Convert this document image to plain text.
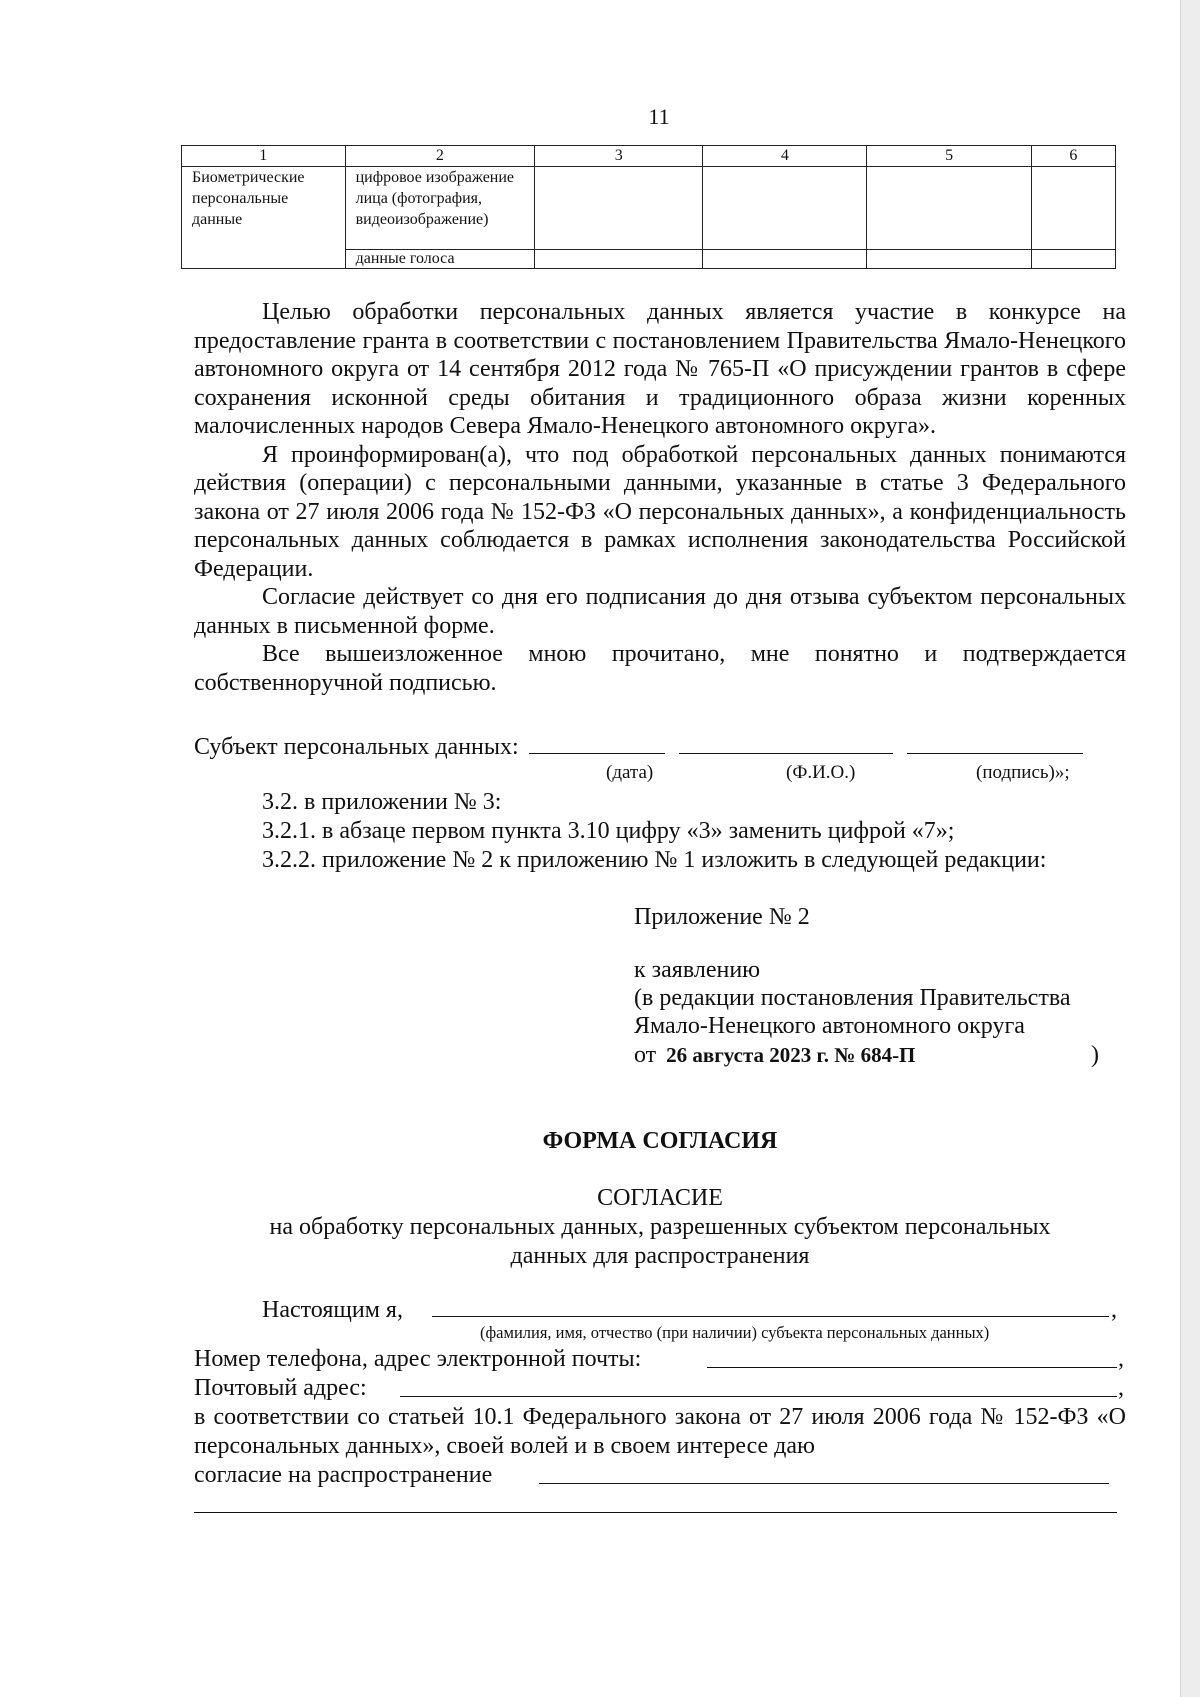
11
1	2	3	4	5	6
Биометрические персональные данные	цифровое изображение лица (фотография, видеоизображение)				
	данные голоса				

Целью обработки персональных данных является участие в конкурсе на предоставление гранта в соответствии с постановлением Правительства Ямало-Ненецкого автономного округа от 14 сентября 2012 года № 765-П «О присуждении грантов в сфере сохранения исконной среды обитания и традиционного образа жизни коренных малочисленных народов Севера Ямало-Ненецкого автономного округа».

Я проинформирован(а), что под обработкой персональных данных понимаются действия (операции) с персональными данными, указанные в статье 3 Федерального закона от 27 июля 2006 года № 152-ФЗ «О персональных данных», а конфиденциальность персональных данных соблюдается в рамках исполнения законодательства Российской Федерации.

Согласие действует со дня его подписания до дня отзыва субъектом персональных данных в письменной форме.

Все вышеизложенное мною прочитано, мне понятно и подтверждается собственноручной подписью.

Субъект персональных данных:
(дата)	(Ф.И.О.)	(подпись)»;
3.2. в приложении № 3:
3.2.1. в абзаце первом пункта 3.10 цифру «3» заменить цифрой «7»;

3.2.2. приложение № 2 к приложению № 1 изложить в следующей редакции:

Приложение № 2
к заявлению
(в редакции постановления Правительства
Ямало-Ненецкого автономного округа
от 26 августа 2023 г. № 684-П	)
ФОРМА СОГЛАСИЯ
СОГЛАСИЕ
на обработку персональных данных, разрешенных субъектом персональных
данных для распространения
Настоящим я,	,
(фамилия, имя, отчество (при наличии) субъекта персональных данных)
Номер телефона, адрес электронной почты:	,
Почтовый адрес:	,

в соответствии со статьей 10.1 Федерального закона от 27 июля 2006 года № 152-ФЗ «О персональных данных», своей волей и в своем интересе даю

согласие на распространение
